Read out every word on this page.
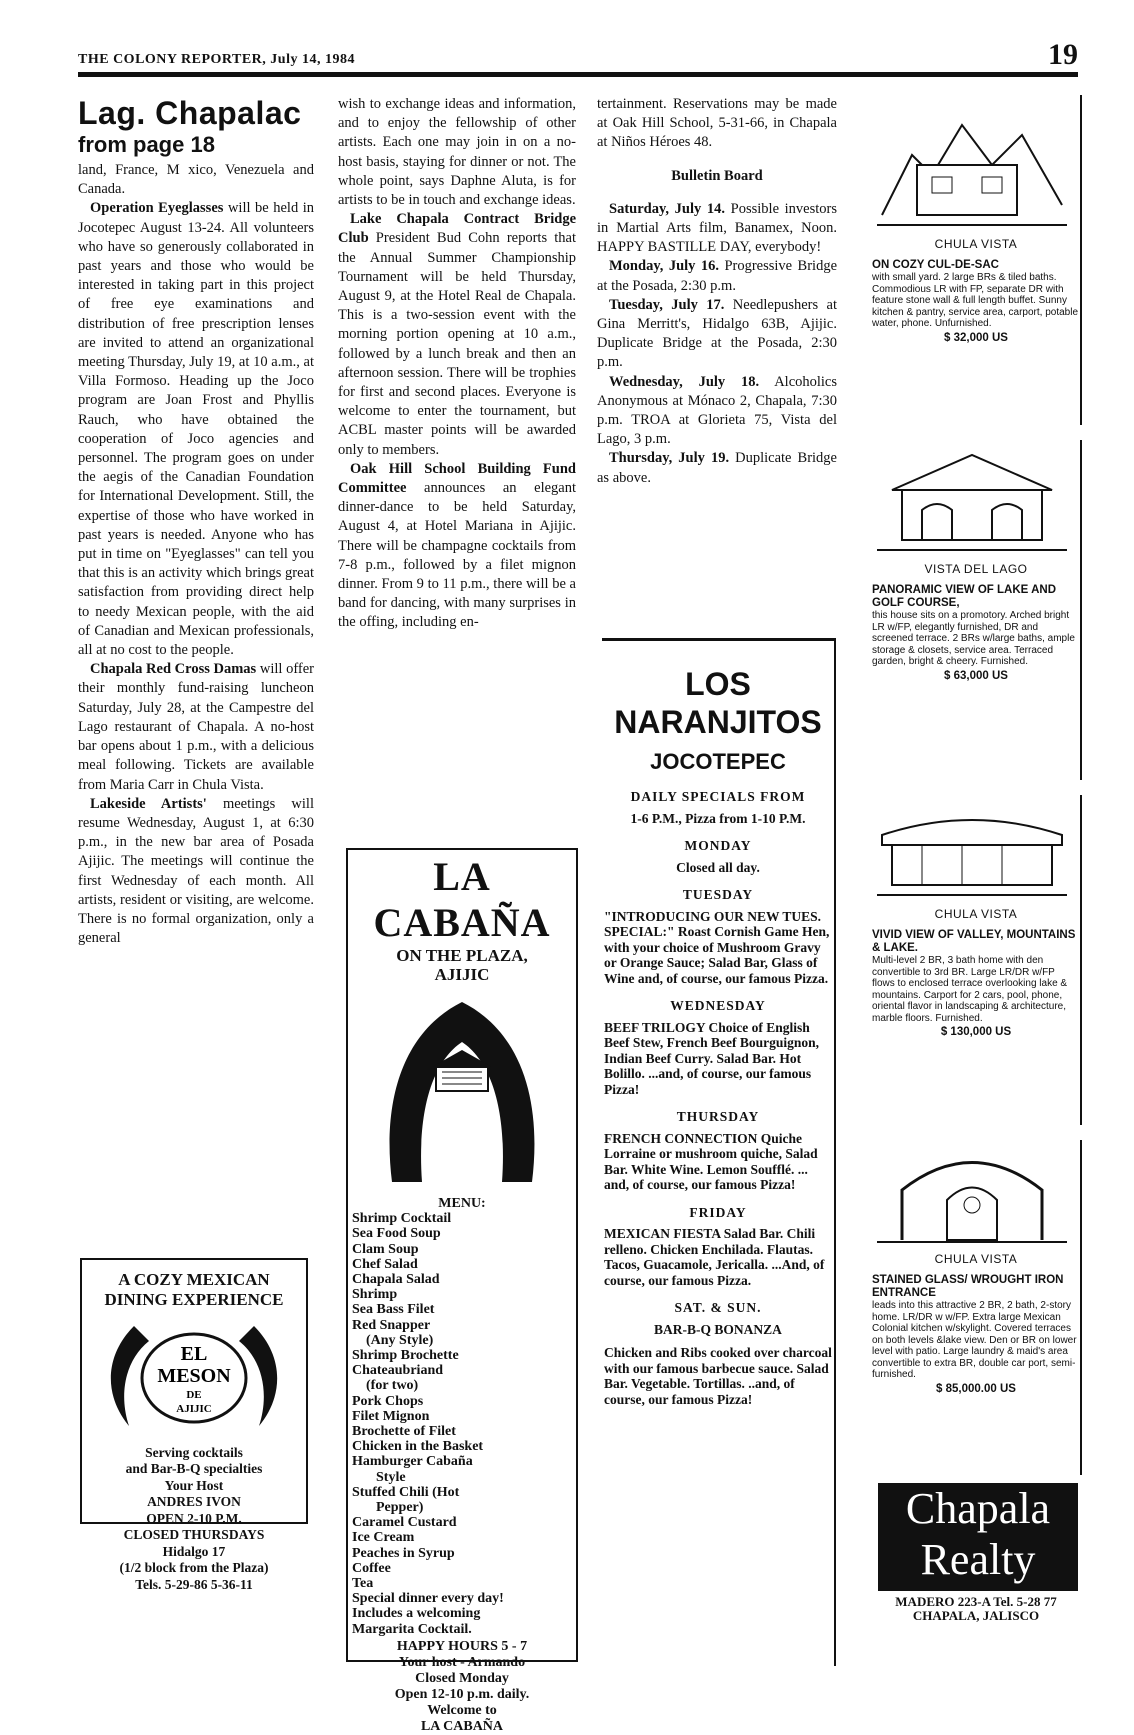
THE COLONY REPORTER, July 14, 1984	19
Lag. Chapalac
from page 18

land, France, M xico, Venezuela and Canada.

Operation Eyeglasses will be held in Jocotepec August 13-24. All volunteers who have so generously collaborated in past years and those who would be interested in taking part in this project of free eye examinations and distribution of free prescription lenses are invited to attend an organizational meeting Thursday, July 19, at 10 a.m., at Villa Formoso. Heading up the Joco program are Joan Frost and Phyllis Rauch, who have obtained the cooperation of Joco agencies and personnel. The program goes on under the aegis of the Canadian Foundation for International Development. Still, the expertise of those who have worked in past years is needed. Anyone who has put in time on "Eyeglasses" can tell you that this is an activity which brings great satisfaction from providing direct help to needy Mexican people, with the aid of Canadian and Mexican professionals, all at no cost to the people.

Chapala Red Cross Damas will offer their monthly fund-raising luncheon Saturday, July 28, at the Campestre del Lago restaurant of Chapala. A no-host bar opens about 1 p.m., with a delicious meal following. Tickets are available from Maria Carr in Chula Vista.

Lakeside Artists' meetings will resume Wednesday, August 1, at 6:30 p.m., in the new bar area of Posada Ajijic. The meetings will continue the first Wednesday of each month. All artists, resident or visiting, are welcome. There is no formal organization, only a general

A COZY MEXICAN
DINING EXPERIENCE
EL
MESON
DE
AJIJIC
Serving cocktails
and Bar-B-Q specialties
Your Host
ANDRES IVON
OPEN 2-10 P.M.
CLOSED THURSDAYS
Hidalgo 17
(1/2 block from the Plaza)
Tels. 5-29-86 5-36-11

wish to exchange ideas and information, and to enjoy the fellowship of other artists. Each one may join in on a no-host basis, staying for dinner or not. The whole point, says Daphne Aluta, is for artists to be in touch and exchange ideas.

Lake Chapala Contract Bridge Club President Bud Cohn reports that the Annual Summer Championship Tournament will be held Thursday, August 9, at the Hotel Real de Chapala. This is a two-session event with the morning portion opening at 10 a.m., followed by a lunch break and then an afternoon session. There will be trophies for first and second places. Everyone is welcome to enter the tournament, but ACBL master points will be awarded only to members.

Oak Hill School Building Fund Committee announces an elegant dinner-dance to be held Saturday, August 4, at Hotel Mariana in Ajijic. There will be champagne cocktails from 7-8 p.m., followed by a filet mignon dinner. From 9 to 11 p.m., there will be a band for dancing, with many surprises in the offing, including en-

LA CABAÑA
ON THE PLAZA,
AJIJIC
MENU:
Shrimp Cocktail
Sea Food Soup
Clam Soup
Chef Salad
Chapala Salad
Shrimp
Sea Bass Filet
Red Snapper
(Any Style)
Shrimp Brochette
Chateaubriand
(for two)
Pork Chops
Filet Mignon
Brochette of Filet
Chicken in the Basket
Hamburger Cabaña
Style
Stuffed Chili (Hot
Pepper)
Caramel Custard
Ice Cream
Peaches in Syrup
Coffee
Tea
Special dinner every day!
Includes a welcoming
Margarita Cocktail.
HAPPY HOURS 5 - 7
Your host - Armando
Closed Monday
Open 12-10 p.m. daily.
Welcome to
LA CABAÑA

tertainment. Reservations may be made at Oak Hill School, 5-31-66, in Chapala at Niños Héroes 48.

Bulletin Board

Saturday, July 14. Possible investors in Martial Arts film, Banamex, Noon. HAPPY BASTILLE DAY, everybody!

Monday, July 16. Progressive Bridge at the Posada, 2:30 p.m.

Tuesday, July 17. Needlepushers at Gina Merritt's, Hidalgo 63B, Ajijic. Duplicate Bridge at the Posada, 2:30 p.m.

Wednesday, July 18. Alcoholics Anonymous at Mónaco 2, Chapala, 7:30 p.m. TROA at Glorieta 75, Vista del Lago, 3 p.m.

Thursday, July 19. Duplicate Bridge as above.

LOS
NARANJITOS
JOCOTEPEC
DAILY SPECIALS FROM
1-6 P.M., Pizza from 1-10 P.M.
MONDAY
Closed all day.
TUESDAY
"INTRODUCING OUR NEW TUES. SPECIAL:" Roast Cornish Game Hen, with your choice of Mushroom Gravy or Orange Sauce; Salad Bar, Glass of Wine and, of course, our famous Pizza.
WEDNESDAY
BEEF TRILOGY Choice of English Beef Stew, French Beef Bourguignon, Indian Beef Curry. Salad Bar. Hot Bolillo. ...and, of course, our famous Pizza!
THURSDAY
FRENCH CONNECTION Quiche Lorraine or mushroom quiche, Salad Bar. White Wine. Lemon Soufflé. ... and, of course, our famous Pizza!
FRIDAY
MEXICAN FIESTA Salad Bar. Chili relleno. Chicken Enchilada. Flautas. Tacos, Guacamole, Jericalla. ...And, of course, our famous Pizza.
SAT. & SUN.
BAR-B-Q BONANZA
Chicken and Ribs cooked over charcoal with our famous barbecue sauce. Salad Bar. Vegetable. Tortillas. ..and, of course, our famous Pizza!
CHULA VISTA
ON COZY CUL-DE-SAC
with small yard. 2 large BRs & tiled baths. Commodious LR with FP, separate DR with feature stone wall & full length buffet. Sunny kitchen & pantry, service area, carport, potable water, phone. Unfurnished.
$ 32,000 US
VISTA DEL LAGO
PANORAMIC VIEW OF LAKE AND GOLF COURSE,
this house sits on a promotory. Arched bright LR w/FP, elegantly furnished, DR and screened terrace. 2 BRs w/large baths, ample storage & closets, service area. Terraced garden, bright & cheery. Furnished.
$ 63,000 US
CHULA VISTA
VIVID VIEW OF VALLEY, MOUNTAINS & LAKE.
Multi-level 2 BR, 3 bath home with den convertible to 3rd BR. Large LR/DR w/FP flows to enclosed terrace overlooking lake & mountains. Carport for 2 cars, pool, phone, oriental flavor in landscaping & architecture, marble floors. Furnished.
$ 130,000 US
CHULA VISTA
STAINED GLASS/ WROUGHT IRON ENTRANCE
leads into this attractive 2 BR, 2 bath, 2-story home. LR/DR w w/FP. Extra large Mexican Colonial kitchen w/skylight. Covered terraces on both levels &lake view. Den or BR on lower level with patio. Large laundry & maid's area convertible to extra BR, double car port, semi-furnished.
$ 85,000.00 US
Chapala
Realty
MADERO 223-A Tel. 5-28 77
CHAPALA, JALISCO
